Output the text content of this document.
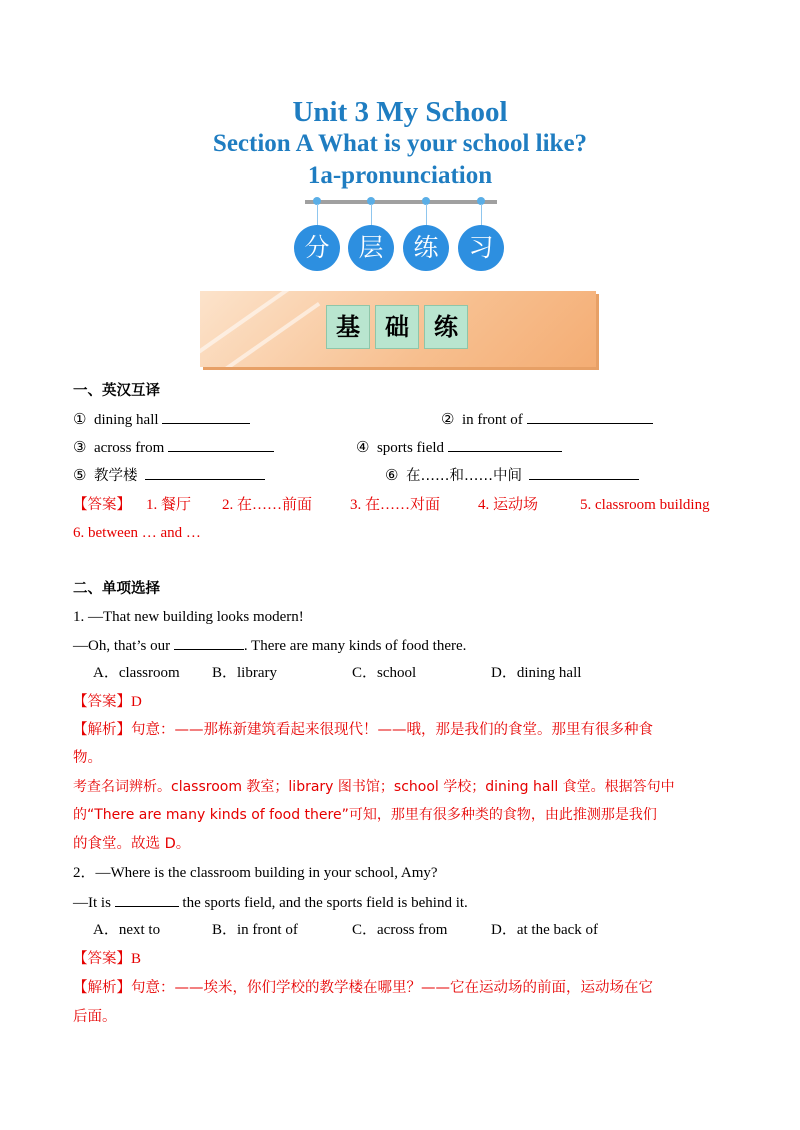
Unit 3 My School
Section A What is your school like?
1a-pronunciation
分	层	练	习
基	础	练
一、英汉互译
① dining hall	② in front of
③ across from	④ sports field
⑤ 教学楼	⑥ 在……和……中间
【答案】 1. 餐厅 2. 在……前面	3. 在……对面	4. 运动场	5. classroom building
6. between … and …
二、单项选择
1. —That new building looks modern!
—Oh, that’s our	. There are many kinds of food there.
A．classroom B．library	C．school	D．dining hall
【答案】D
【解析】句意：——那栋新建筑看起来很现代！——哦，那是我们的食堂。那里有很多种食
物。
考查名词辨析。classroom 教室；library 图书馆；school 学校；dining hall 食堂。根据答句中
的“There are many kinds of food there”可知，那里有很多种类的食物，由此推测那是我们
的食堂。故选 D。
2．—Where is the classroom building in your school, Amy?
—It is	the sports field, and the sports field is behind it.
A．next to	B．in front of	C．across from	D．at the back of
【答案】B
【解析】句意：——埃米，你们学校的教学楼在哪里？——它在运动场的前面，运动场在它
后面。
